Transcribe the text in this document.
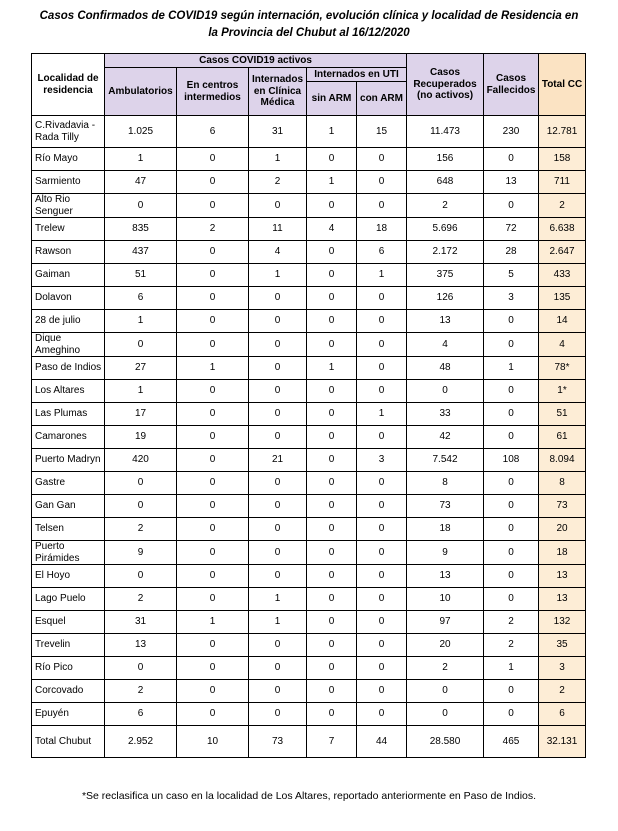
Casos Confirmados de COVID19 según internación, evolución clínica y localidad de Residencia en
la Provincia del Chubut al 16/12/2020
Localidad de residencia	Casos COVID19 activos					Casos Recuperados (no activos)	Casos Fallecidos	Total CC
	Ambulatorios	En centros intermedios	Internados en Clínica Médica	Internados en UTI				
				sin ARM	con ARM			
C.Rivadavia - Rada Tilly	1.025	6	31	1	15	11.473	230	12.781
Río Mayo	1	0	1	0	0	156	0	158
Sarmiento	47	0	2	1	0	648	13	711
Alto Rio Senguer	0	0	0	0	0	2	0	2
Trelew	835	2	11	4	18	5.696	72	6.638
Rawson	437	0	4	0	6	2.172	28	2.647
Gaiman	51	0	1	0	1	375	5	433
Dolavon	6	0	0	0	0	126	3	135
28 de julio	1	0	0	0	0	13	0	14
Dique Ameghino	0	0	0	0	0	4	0	4
Paso de Indios	27	1	0	1	0	48	1	78*
Los Altares	1	0	0	0	0	0	0	1*
Las Plumas	17	0	0	0	1	33	0	51
Camarones	19	0	0	0	0	42	0	61
Puerto Madryn	420	0	21	0	3	7.542	108	8.094
Gastre	0	0	0	0	0	8	0	8
Gan Gan	0	0	0	0	0	73	0	73
Telsen	2	0	0	0	0	18	0	20
Puerto Pirámides	9	0	0	0	0	9	0	18
El Hoyo	0	0	0	0	0	13	0	13
Lago Puelo	2	0	1	0	0	10	0	13
Esquel	31	1	1	0	0	97	2	132
Trevelin	13	0	0	0	0	20	2	35
Río Pico	0	0	0	0	0	2	1	3
Corcovado	2	0	0	0	0	0	0	2
Epuyén	6	0	0	0	0	0	0	6
Total Chubut	2.952	10	73	7	44	28.580	465	32.131
*Se reclasifica un caso en la localidad de Los Altares, reportado anteriormente en Paso de Indios.
